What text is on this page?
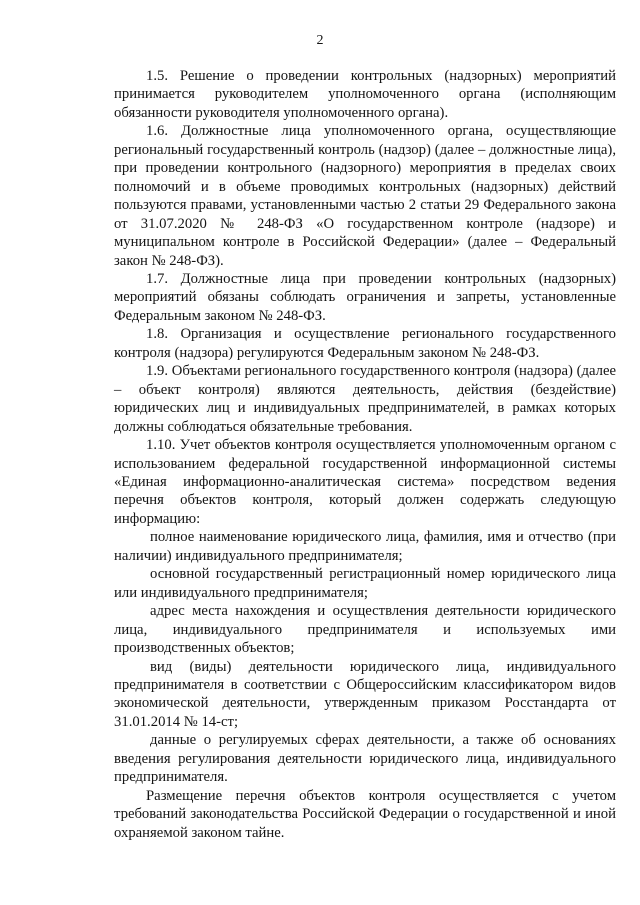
2

1.5. Решение о проведении контрольных (надзорных) мероприятий принимается руководителем уполномоченного органа (исполняющим обязанности руководителя уполномоченного органа).

1.6. Должностные лица уполномоченного органа, осуществляющие региональный государственный контроль (надзор) (далее – должностные лица), при проведении контрольного (надзорного) мероприятия в пределах своих полномочий и в объеме проводимых контрольных (надзорных) действий пользуются правами, установленными частью 2 статьи 29 Федерального закона от 31.07.2020 № 248-ФЗ «О государственном контроле (надзоре) и муниципальном контроле в Российской Федерации» (далее – Федеральный закон № 248-ФЗ).

1.7. Должностные лица при проведении контрольных (надзорных) мероприятий обязаны соблюдать ограничения и запреты, установленные Федеральным законом № 248-ФЗ.

1.8. Организация и осуществление регионального государственного контроля (надзора) регулируются Федеральным законом № 248-ФЗ.

1.9. Объектами регионального государственного контроля (надзора) (далее – объект контроля) являются деятельность, действия (бездействие) юридических лиц и индивидуальных предпринимателей, в рамках которых должны соблюдаться обязательные требования.

1.10. Учет объектов контроля осуществляется уполномоченным органом с использованием федеральной государственной информационной системы «Единая информационно-аналитическая система» посредством ведения перечня объектов контроля, который должен содержать следующую информацию:

полное наименование юридического лица, фамилия, имя и отчество (при наличии) индивидуального предпринимателя;

основной государственный регистрационный номер юридического лица или индивидуального предпринимателя;

адрес места нахождения и осуществления деятельности юридического лица, индивидуального предпринимателя и используемых ими производственных объектов;

вид (виды) деятельности юридического лица, индивидуального предпринимателя в соответствии с Общероссийским классификатором видов экономической деятельности, утвержденным приказом Росстандарта от 31.01.2014 № 14-ст;

данные о регулируемых сферах деятельности, а также об основаниях введения регулирования деятельности юридического лица, индивидуального предпринимателя.

Размещение перечня объектов контроля осуществляется с учетом требований законодательства Российской Федерации о государственной и иной охраняемой законом тайне.
